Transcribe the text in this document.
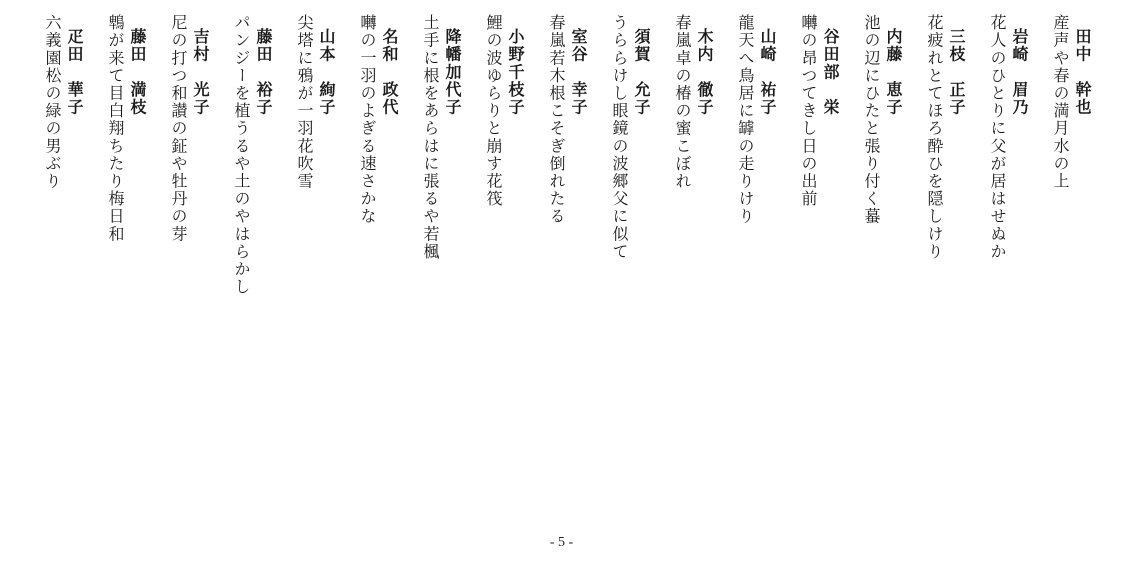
田中　幹也
産声や春の満月水の上
岩崎　眉乃
花人のひとりに父が居はせぬか
三枝　正子
花疲れとてほろ酔ひを隠しけり
内藤　恵子
池の辺にひたと張り付く蟇
谷田部　栄
囀の昂つてきし日の出前
山崎　祐子
龍天へ鳥居に罅の走りけり
木内　徹子
春嵐卓の椿の蜜こぼれ
須賀　允子
うららけし眼鏡の波郷父に似て
室谷　幸子
春嵐若木根こそぎ倒れたる
小野千枝子
鯉の波ゆらりと崩す花筏
降幡加代子
土手に根をあらはに張るや若楓
名和　政代
囀の一羽のよぎる速さかな
山本　絢子
尖塔に鴉が一羽花吹雪
藤田　裕子
パンジーを植うるや土のやはらかし
吉村　光子
尼の打つ和讃の鉦や牡丹の芽
藤田　満枝
鵯が来て目白翔ちたり梅日和
疋田　華子
六義園松の緑の男ぶり
- 5 -
